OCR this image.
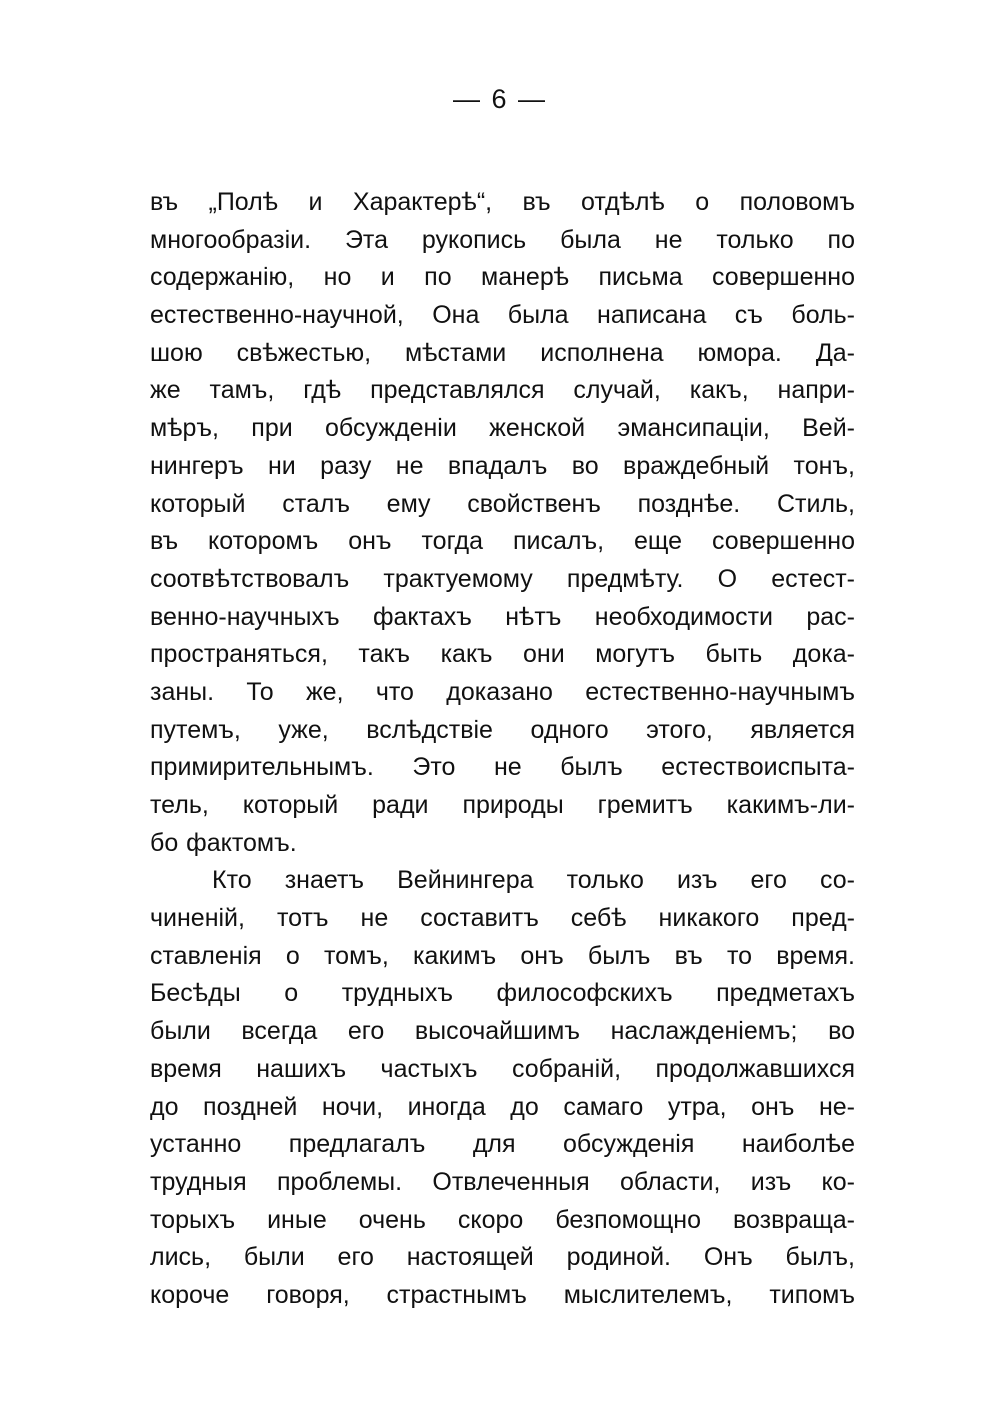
— 6 —
въ „Полѣ и Характерѣ“, въ отдѣлѣ о половомъ
многообразіи. Эта рукопись была не только по
содержанію, но и по манерѣ письма совершенно
естественно-научной, Она была написана съ боль-
шою свѣжестью, мѣстами исполнена юмора. Да-
же тамъ, гдѣ представлялся случай, какъ, напри-
мѣръ, при обсужденіи женской эмансипаціи, Вей-
нингеръ ни разу не впадалъ во враждебный тонъ,
который сталъ ему свойственъ позднѣе. Стиль,
въ которомъ онъ тогда писалъ, еще совершенно
соотвѣтствовалъ трактуемому предмѣту. О естест-
венно-научныхъ фактахъ нѣтъ необходимости рас-
пространяться, такъ какъ они могутъ быть дока-
заны. То же, что доказано естественно-научнымъ
путемъ, уже, вслѣдствіе одного этого, является
примирительнымъ. Это не былъ естествоиспыта-
тель, который ради природы гремитъ какимъ-ли-
бо фактомъ.
Кто знаетъ Вейнингера только изъ его со-
чиненій, тотъ не составитъ себѣ никакого пред-
ставленія о томъ, какимъ онъ былъ въ то время.
Бесѣды о трудныхъ философскихъ предметахъ
были всегда его высочайшимъ наслажденіемъ; во
время нашихъ частыхъ собраній, продолжавшихся
до поздней ночи, иногда до самаго утра, онъ не-
устанно предлагалъ для обсужденія наиболѣе
трудныя проблемы. Отвлеченныя области, изъ ко-
торыхъ иные очень скоро безпомощно возвраща-
лись, были его настоящей родиной. Онъ былъ,
короче говоря, страстнымъ мыслителемъ, типомъ
